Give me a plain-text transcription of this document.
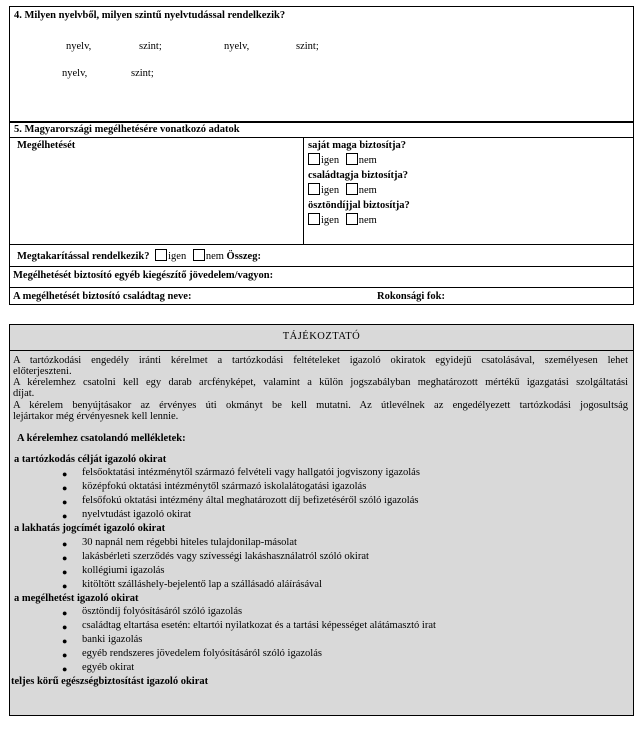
4. Milyen nyelvből, milyen szintű nyelvtudással rendelkezik?
nyelv,	szint;	nyelv,	szint;
nyelv,	szint;
5. Magyarországi megélhetésére vonatkozó adatok
Megélhetését	saját maga biztosítja?
igen nem
családtagja biztosítja?
igen nem
ösztöndíjjal biztosítja?
igen nem
Megtakarítással rendelkezik? igen nem Összeg:
Megélhetését biztosító egyéb kiegészítő jövedelem/vagyon:
A megélhetését biztosító családtag neve:	Rokonsági fok:
TÁJÉKOZTATÓ
A tartózkodási engedély iránti kérelmet a tartózkodási feltételeket igazoló okiratok egyidejű csatolásával, személyesen lehet
előterjeszteni.
A kérelemhez csatolni kell egy darab arcfényképet, valamint a külön jogszabályban meghatározott mértékű igazgatási szolgáltatási
díjat.
A kérelem benyújtásakor az érvényes úti okmányt be kell mutatni. Az útlevélnek az engedélyezett tartózkodási jogosultság
lejártakor még érvényesnek kell lennie.
A kérelemhez csatolandó mellékletek:
a tartózkodás célját igazoló okirat
● felsőoktatási intézménytől származó felvételi vagy hallgatói jogviszony igazolás
● középfokú oktatási intézménytől származó iskolalátogatási igazolás
● felsőfokú oktatási intézmény által meghatározott díj befizetéséről szóló igazolás
● nyelvtudást igazoló okirat
a lakhatás jogcímét igazoló okirat
● 30 napnál nem régebbi hiteles tulajdonilap-másolat
● lakásbérleti szerződés vagy szívességi lakáshasználatról szóló okirat
● kollégiumi igazolás
● kitöltött szálláshely-bejelentő lap a szállásadó aláírásával
a megélhetést igazoló okirat
● ösztöndíj folyósításáról szóló igazolás
● családtag eltartása esetén: eltartói nyilatkozat és a tartási képességet alátámasztó irat
● banki igazolás
● egyéb rendszeres jövedelem folyósításáról szóló igazolás
● egyéb okirat
teljes körű egészségbiztosítást igazoló okirat
